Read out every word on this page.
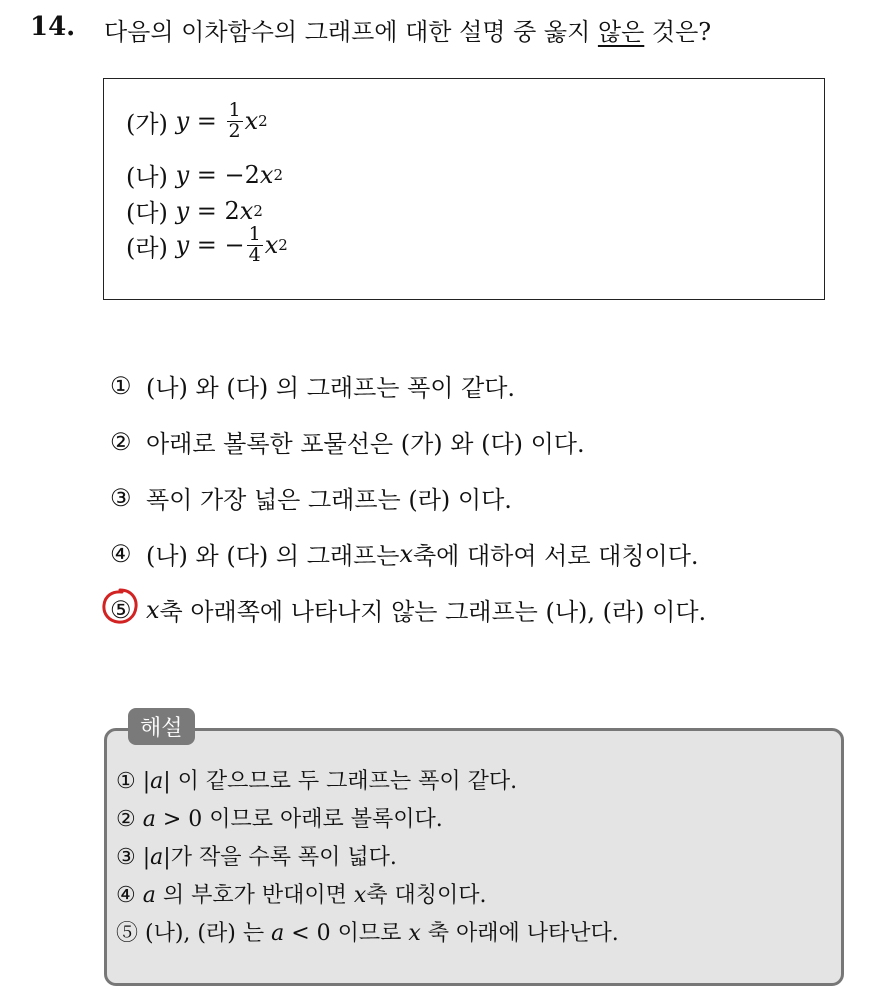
14. 다음의 이차함수의 그래프에 대한 설명 중 옳지 않은 것은?
(가)
y
=
$\frac{1}{2}$ x 2
(나)
y
=
−2 x 2
(다)
y
=
2 x 2
(라)
y
=
− $\frac{1}{4}$ x 2
① (나) 와 (다) 의 그래프는 폭이 같다.
② 아래로 볼록한 포물선은 (가) 와 (다) 이다.
③ 폭이 가장 넓은 그래프는 (라) 이다.
④ (나) 와 (다) 의 그래프는 x 축에 대하여 서로 대칭이다.
⑤ x 축 아래쪽에 나타나지 않는 그래프는 (나), (라) 이다.
해설
① |a| 이 같으므로 두 그래프는 폭이 같다.
② a > 0 이므로 아래로 볼록이다.
③ |a|가 작을 수록 폭이 넓다.
④ a 의 부호가 반대이면 x축 대칭이다.
⑤ (나), (라) 는 a < 0 이므로 x 축 아래에 나타난다.
